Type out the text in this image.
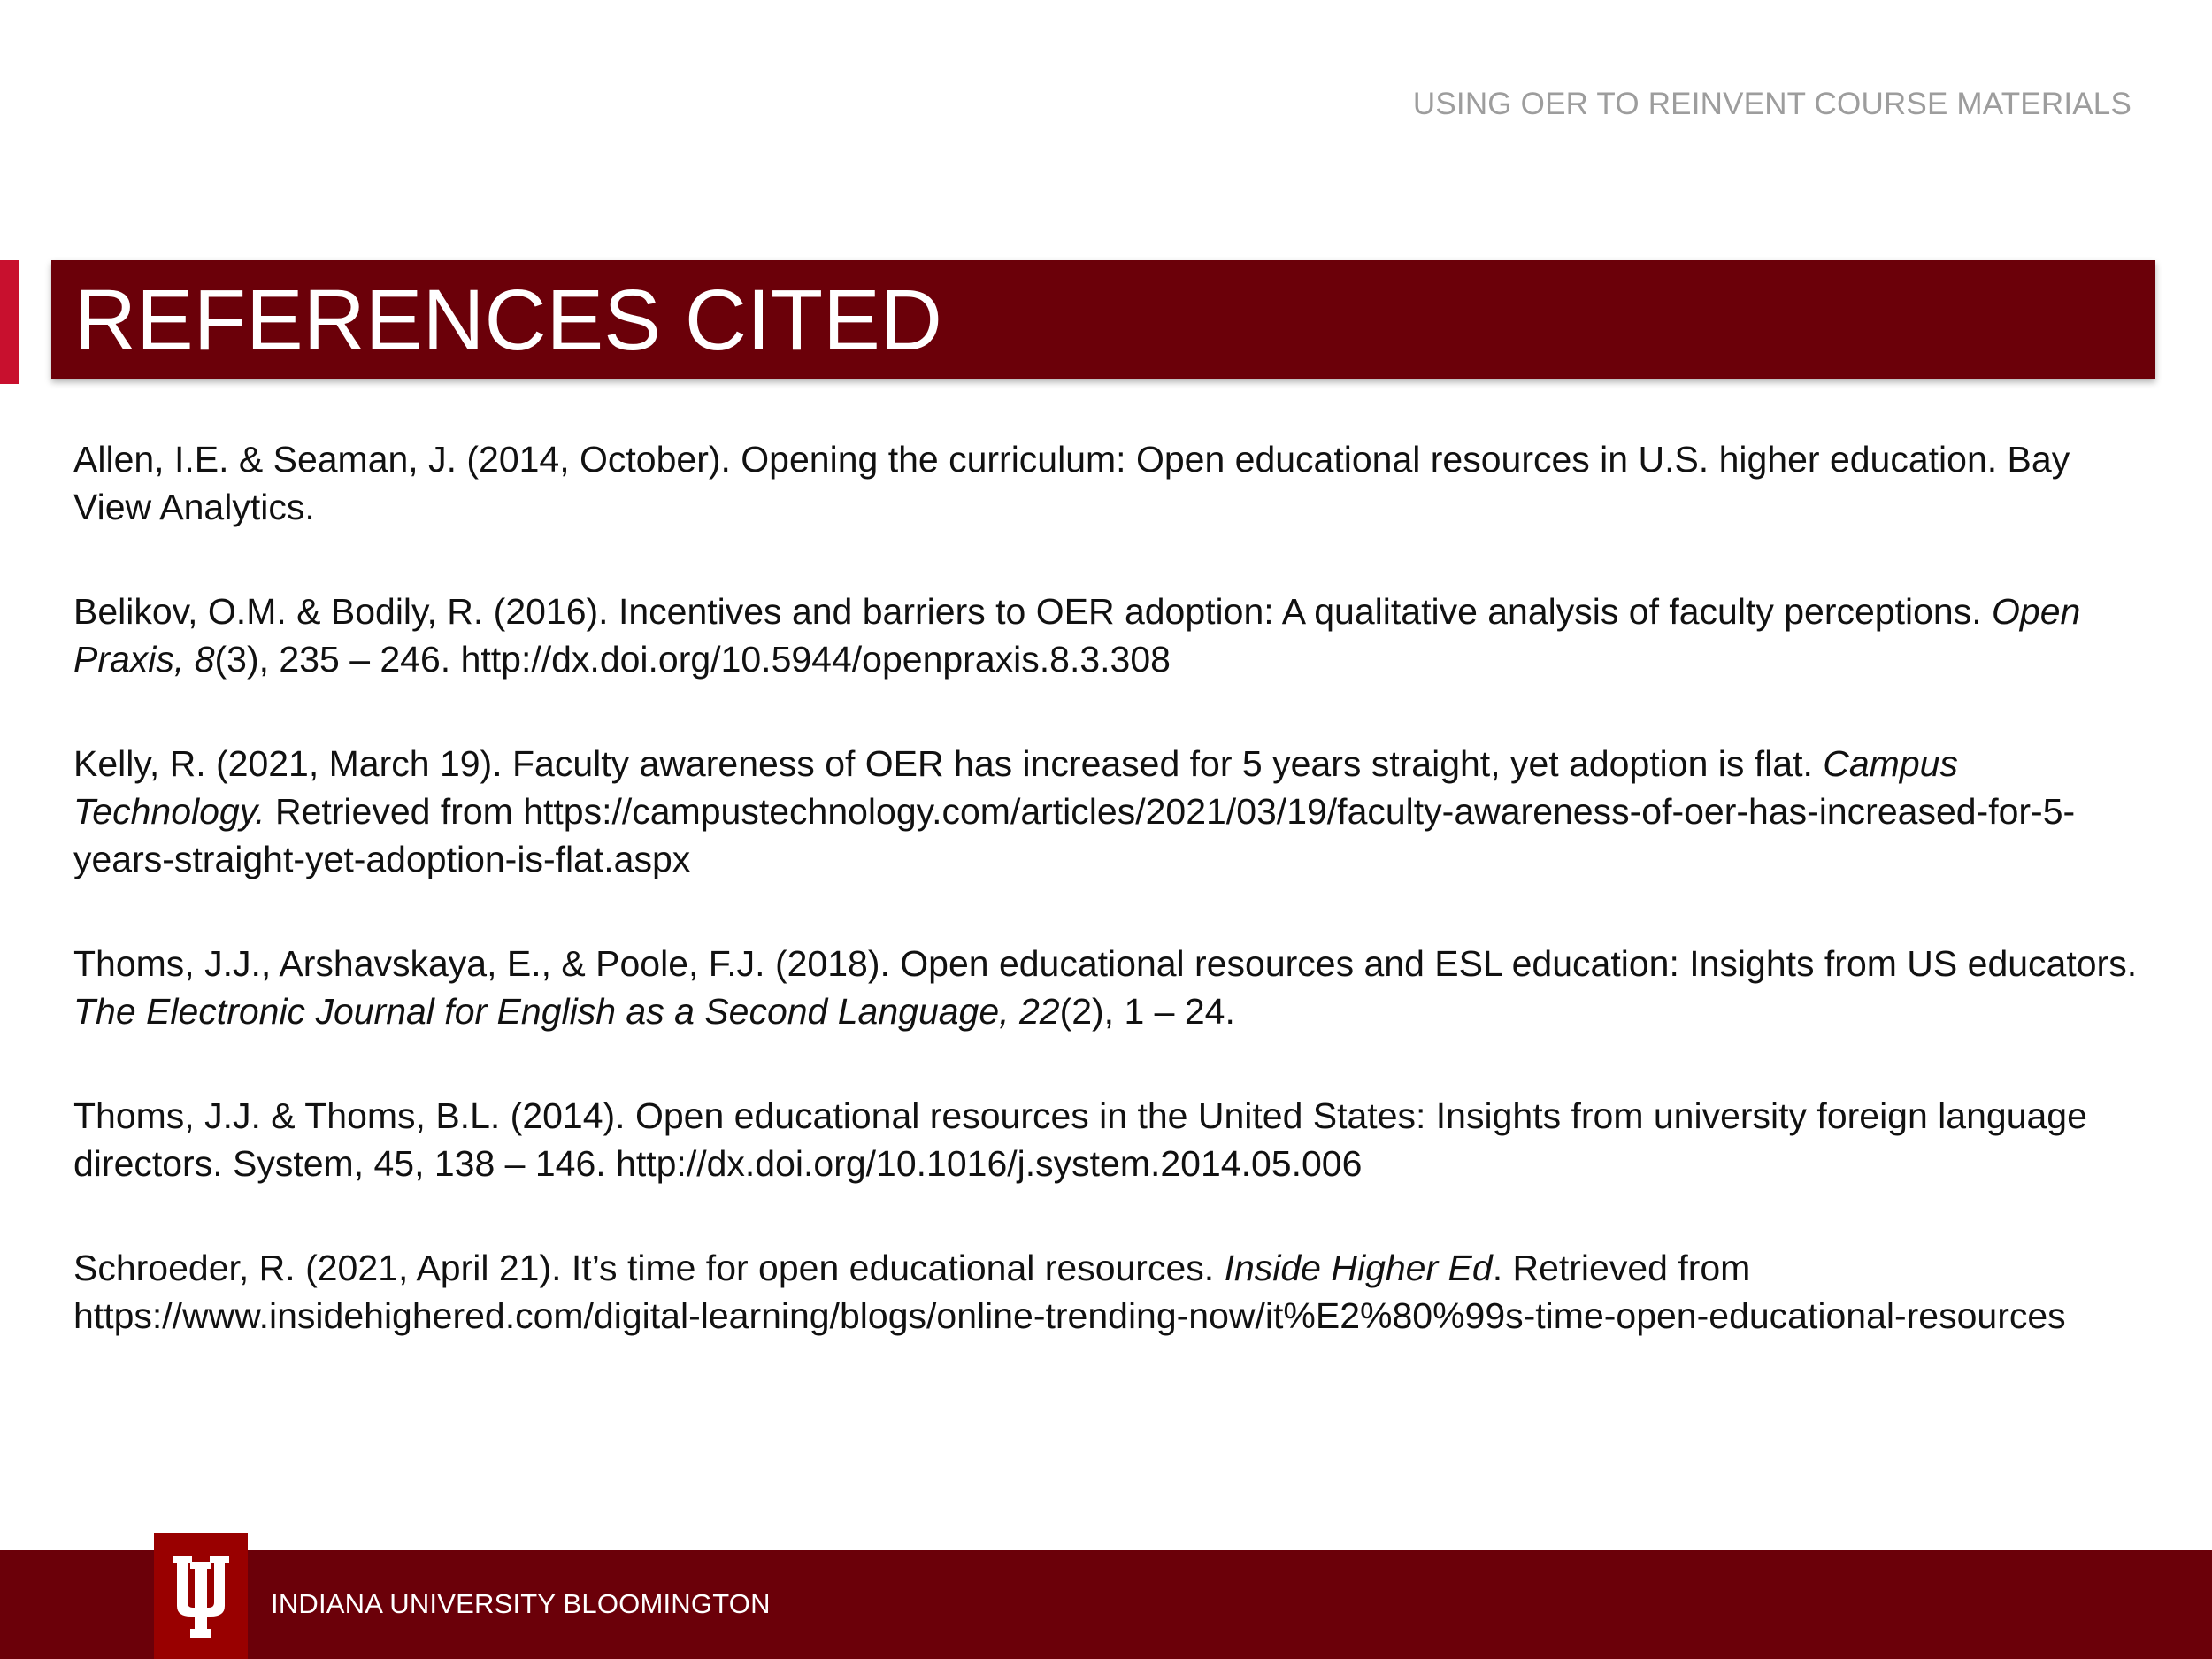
USING OER TO REINVENT COURSE MATERIALS
REFERENCES CITED

Allen, I.E. & Seaman, J. (2014, October). Opening the curriculum: Open educational resources in U.S. higher education. Bay View Analytics.

Belikov, O.M. & Bodily, R. (2016). Incentives and barriers to OER adoption: A qualitative analysis of faculty perceptions. Open Praxis, 8(3), 235 – 246. http://dx.doi.org/10.5944/openpraxis.8.3.308

Kelly, R. (2021, March 19). Faculty awareness of OER has increased for 5 years straight, yet adoption is flat. Campus Technology. Retrieved from https://campustechnology.com/articles/2021/03/19/faculty-awareness-of-oer-has-increased-for-5-years-straight-yet-adoption-is-flat.aspx

Thoms, J.J., Arshavskaya, E., & Poole, F.J. (2018). Open educational resources and ESL education: Insights from US educators. The Electronic Journal for English as a Second Language, 22(2), 1 – 24.

Thoms, J.J. & Thoms, B.L. (2014). Open educational resources in the United States: Insights from university foreign language directors. System, 45, 138 – 146. http://dx.doi.org/10.1016/j.system.2014.05.006

Schroeder, R. (2021, April 21). It’s time for open educational resources. Inside Higher Ed. Retrieved from https://www.insidehighered.com/digital-learning/blogs/online-trending-now/it%E2%80%99s-time-open-educational-resources

INDIANA UNIVERSITY BLOOMINGTON
